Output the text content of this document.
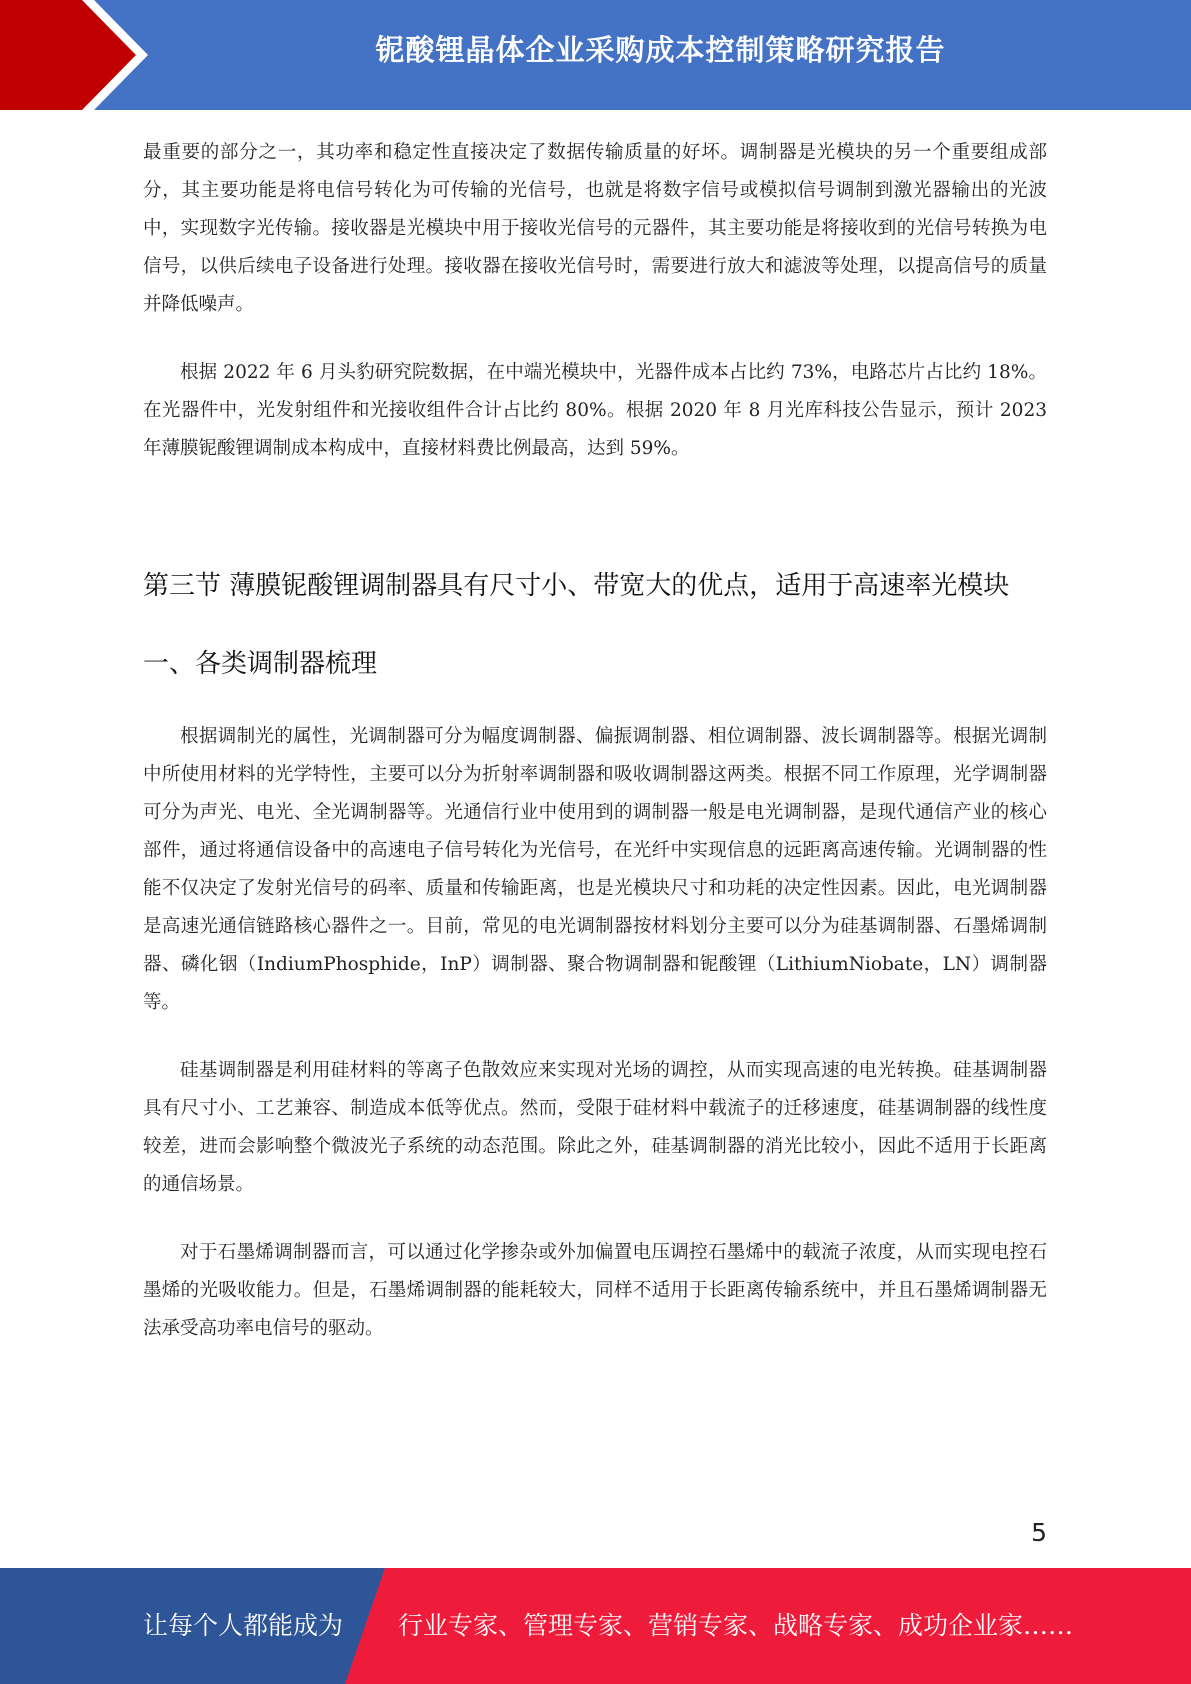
铌酸锂晶体企业采购成本控制策略研究报告

最重要的部分之一，其功率和稳定性直接决定了数据传输质量的好坏。调制器是光模块的另一个重要组成部分，其主要功能是将电信号转化为可传输的光信号，也就是将数字信号或模拟信号调制到激光器输出的光波中，实现数字光传输。接收器是光模块中用于接收光信号的元器件，其主要功能是将接收到的光信号转换为电信号，以供后续电子设备进行处理。接收器在接收光信号时，需要进行放大和滤波等处理，以提高信号的质量并降低噪声。

根据 2022 年 6 月头豹研究院数据，在中端光模块中，光器件成本占比约 73%，电路芯片占比约 18%。在光器件中，光发射组件和光接收组件合计占比约 80%。根据 2020 年 8 月光库科技公告显示，预计 2023 年薄膜铌酸锂调制成本构成中，直接材料费比例最高，达到 59%。

第三节 薄膜铌酸锂调制器具有尺寸小、带宽大的优点，适用于高速率光模块
一、各类调制器梳理

根据调制光的属性，光调制器可分为幅度调制器、偏振调制器、相位调制器、波长调制器等。根据光调制中所使用材料的光学特性，主要可以分为折射率调制器和吸收调制器这两类。根据不同工作原理，光学调制器可分为声光、电光、全光调制器等。光通信行业中使用到的调制器一般是电光调制器，是现代通信产业的核心部件，通过将通信设备中的高速电子信号转化为光信号，在光纤中实现信息的远距离高速传输。光调制器的性能不仅决定了发射光信号的码率、质量和传输距离，也是光模块尺寸和功耗的决定性因素。因此，电光调制器是高速光通信链路核心器件之一。目前，常见的电光调制器按材料划分主要可以分为硅基调制器、石墨烯调制器、磷化铟（IndiumPhosphide，InP）调制器、聚合物调制器和铌酸锂（LithiumNiobate，LN）调制器等。

硅基调制器是利用硅材料的等离子色散效应来实现对光场的调控，从而实现高速的电光转换。硅基调制器具有尺寸小、工艺兼容、制造成本低等优点。然而，受限于硅材料中载流子的迁移速度，硅基调制器的线性度较差，进而会影响整个微波光子系统的动态范围。除此之外，硅基调制器的消光比较小，因此不适用于长距离的通信场景。

对于石墨烯调制器而言，可以通过化学掺杂或外加偏置电压调控石墨烯中的载流子浓度，从而实现电控石墨烯的光吸收能力。但是，石墨烯调制器的能耗较大，同样不适用于长距离传输系统中，并且石墨烯调制器无法承受高功率电信号的驱动。

5
让每个人都能成为 行业专家、管理专家、营销专家、战略专家、成功企业家……
